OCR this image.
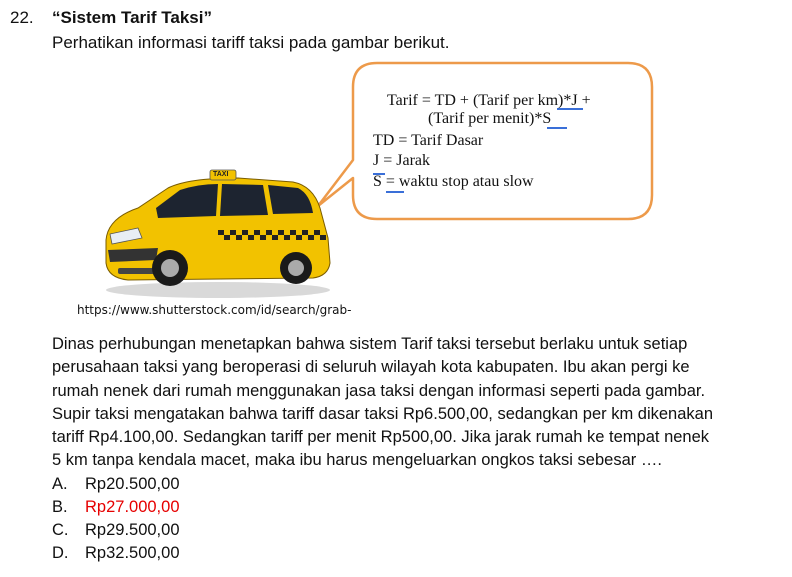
22. “Sistem Tarif Taksi”
Perhatikan informasi tariff taksi pada gambar berikut.
Tarif = TD + (Tarif per km)*J +
(Tarif per menit)*S
TD = Tarif Dasar
J = Jarak
S = waktu stop atau slow
TAXI
https://www.shutterstock.com/id/search/grab-
Dinas perhubungan menetapkan bahwa sistem Tarif taksi tersebut berlaku untuk setiap
perusahaan taksi yang beroperasi di seluruh wilayah kota kabupaten. Ibu akan pergi ke
rumah nenek dari rumah menggunakan jasa taksi dengan informasi seperti pada gambar.
Supir taksi mengatakan bahwa tariff dasar taksi Rp6.500,00, sedangkan per km dikenakan
tariff Rp4.100,00. Sedangkan tariff per menit Rp500,00. Jika jarak rumah ke tempat nenek
5 km tanpa kendala macet, maka ibu harus mengeluarkan ongkos taksi sebesar ….
A. Rp20.500,00
B. Rp27.000,00
C. Rp29.500,00
D. Rp32.500,00
